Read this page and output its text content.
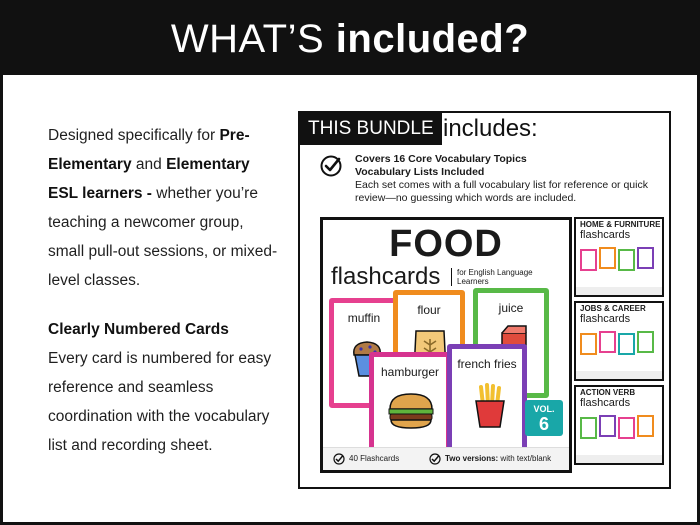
WHAT’S included?

Designed specifically for Pre-Elementary and Elementary ESL learners - whether you’re teaching a newcomer group, small pull-out sessions, or mixed-level classes.

Clearly Numbered Cards
Every card is numbered for easy reference and seamless coordination with the vocabulary list and recording sheet.

THIS BUNDLE includes:
Covers 16 Core Vocabulary Topics
Vocabulary Lists Included
Each set comes with a full vocabulary list for reference or quick review—no guessing which words are included.
FOOD
flashcards	for English Language Learners
muffin
flour	juice
hamburger
french fries
VOL.
6
40 Flashcards	Two versions: with text/blank
HOME & FURNITURE
flashcards
JOBS & CAREER
flashcards
ACTION VERB
flashcards
